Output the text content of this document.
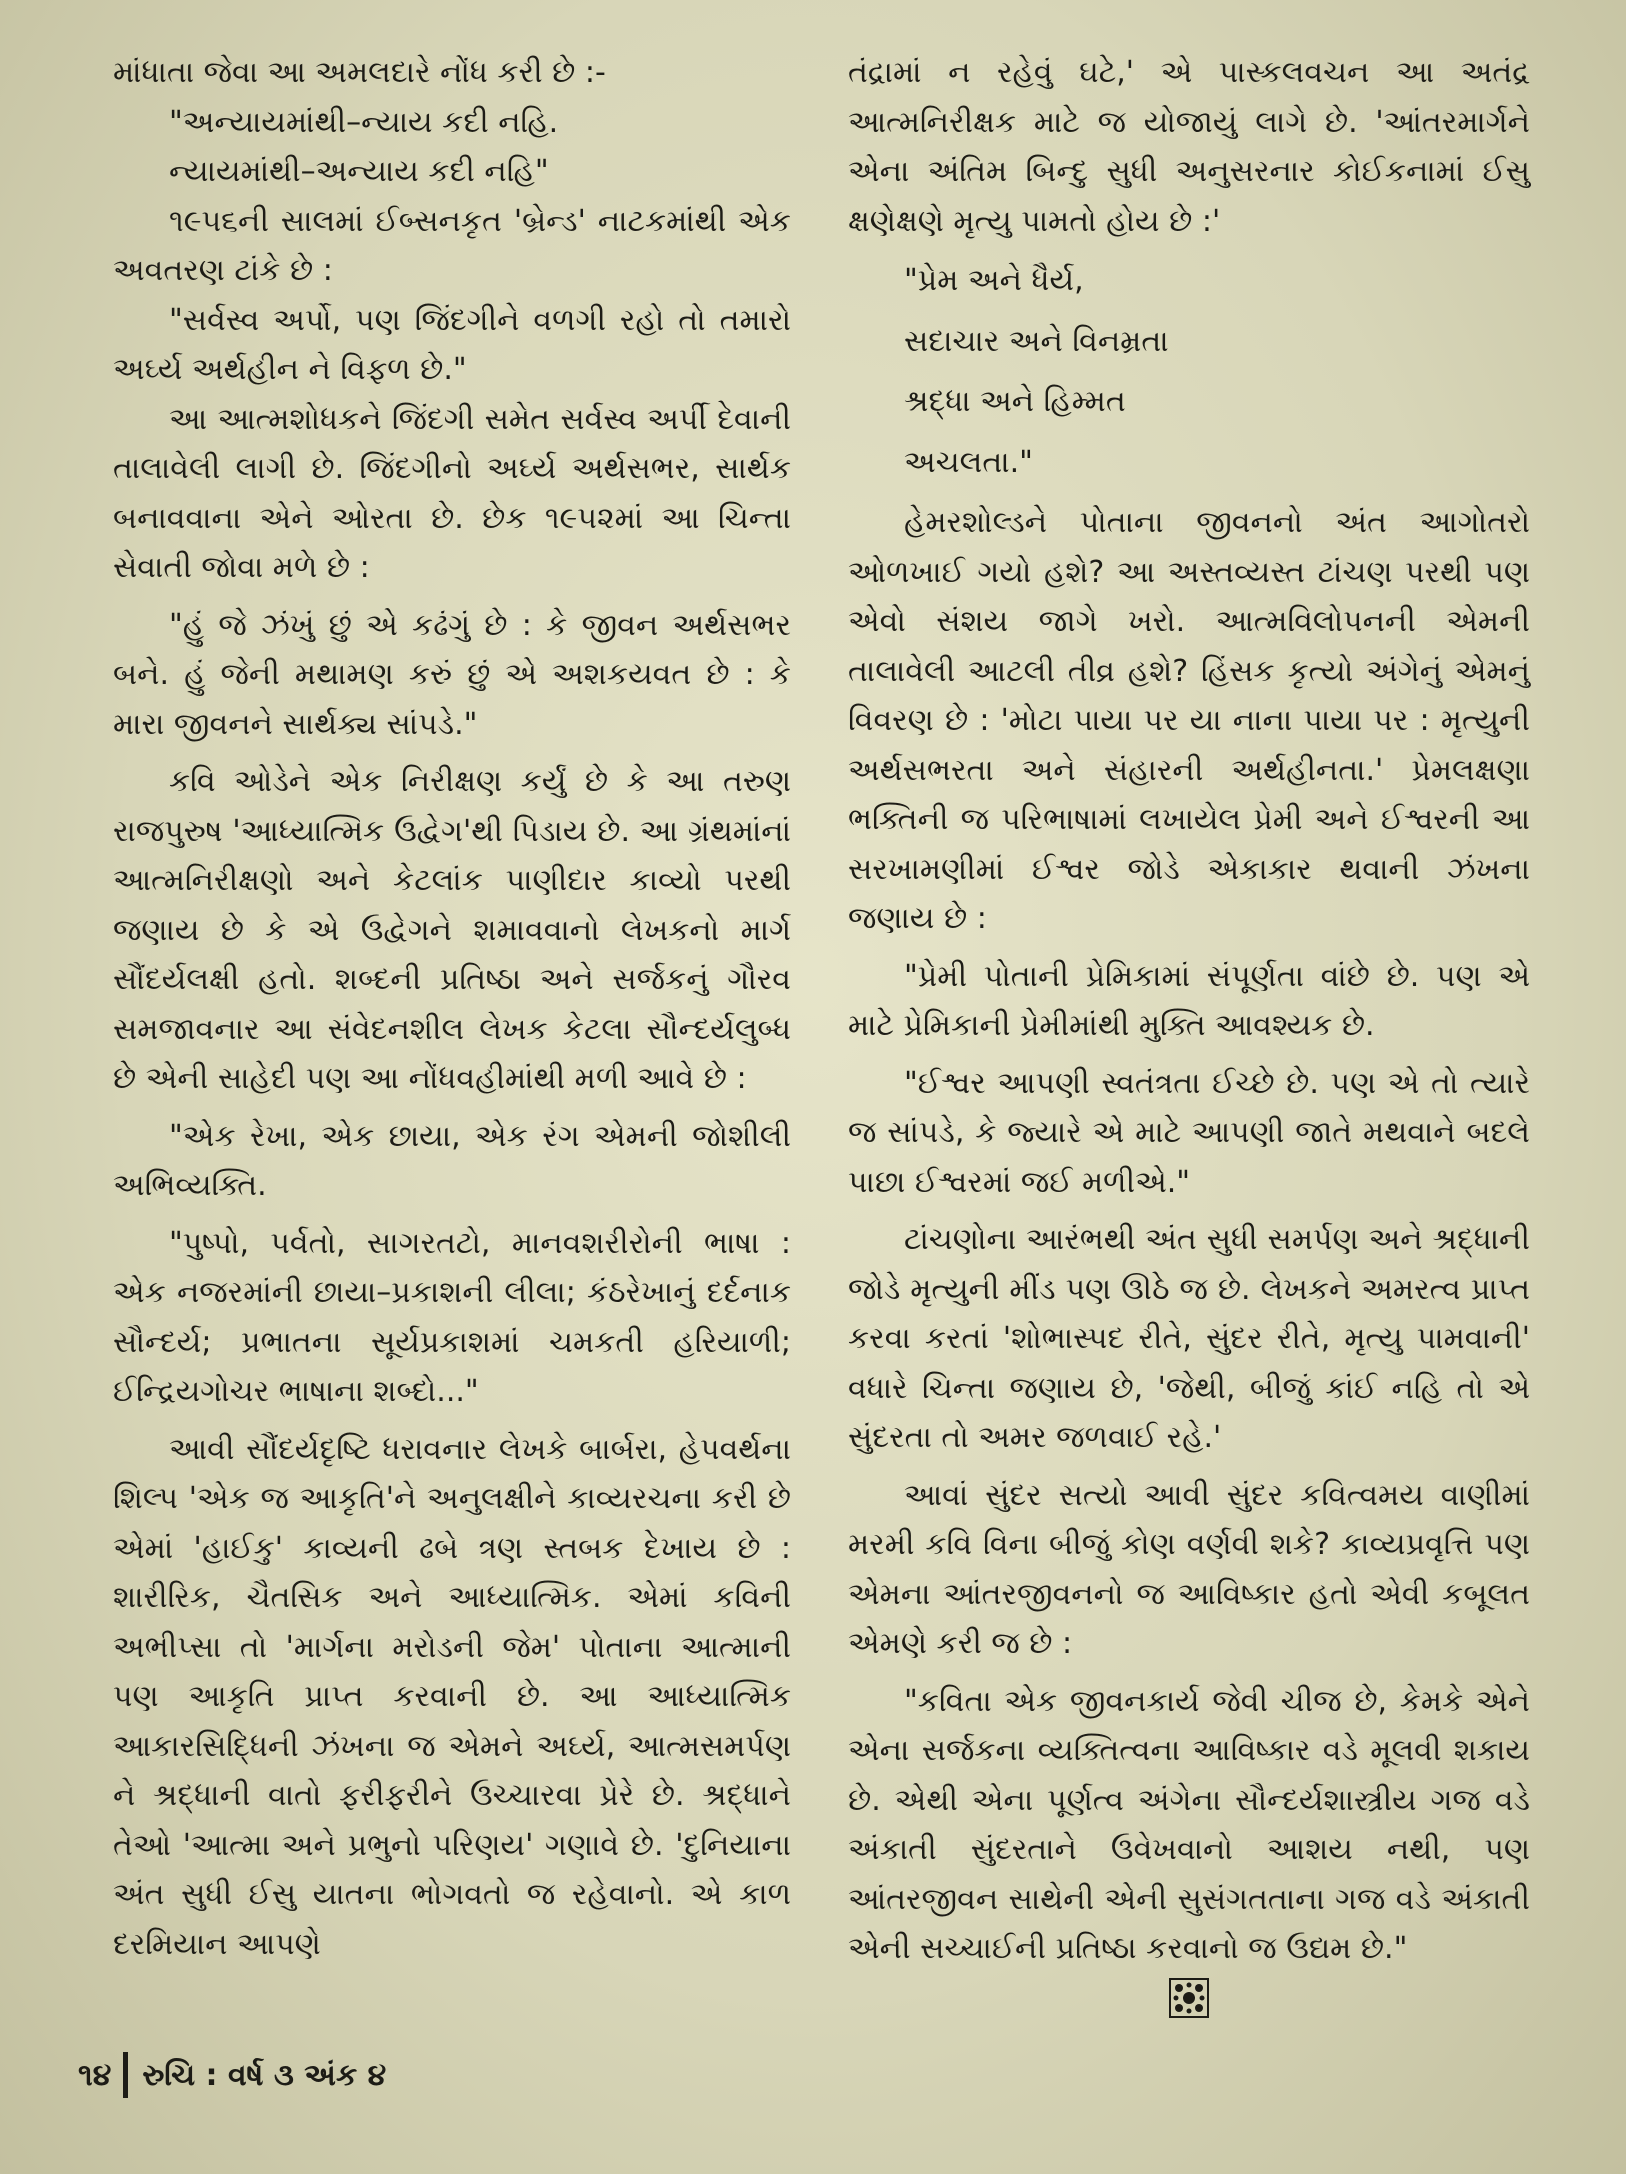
માંધાતા જેવા આ અમલદારે નોંધ કરી છે :-

"અન્યાયમાંથી–ન્યાય કદી નહિ.

ન્યાયમાંથી–અન્યાય કદી નહિ"

૧૯૫૬ની સાલમાં ઈબ્સનકૃત 'બ્રેન્ડ' નાટકમાંથી એક અવતરણ ટાંકે છે :

"સર્વસ્વ અર્પો, પણ જિંદગીને વળગી રહો તો તમારો અર્ઘ્ય અર્થહીન ને વિફળ છે."

આ આત્મશોધકને જિંદગી સમેત સર્વસ્વ અર્પી દેવાની તાલાવેલી લાગી છે. જિંદગીનો અર્ઘ્ય અર્થસભર, સાર્થક બનાવવાના એને ઓરતા છે. છેક ૧૯૫૨માં આ ચિન્તા સેવાતી જોવા મળે છે :

"હું જે ઝંખું છું એ કઢંગું છે : કે જીવન અર્થસભર બને. હું જેની મથામણ કરું છું એ અશકયવત છે : કે મારા જીવનને સાર્થક્ય સાંપડે."

કવિ ઓડેને એક નિરીક્ષણ કર્યું છે કે આ તરુણ રાજપુરુષ 'આધ્યાત્મિક ઉદ્વેગ'થી પિડાય છે. આ ગ્રંથમાંનાં આત્મનિરીક્ષણો અને કેટલાંક પાણીદાર કાવ્યો પરથી જણાય છે કે એ ઉદ્વેગને શમાવવાનો લેખકનો માર્ગ સૌંદર્યલક્ષી હતો. શબ્દની પ્રતિષ્ઠા અને સર્જકનું ગૌરવ સમજાવનાર આ સંવેદનશીલ લેખક કેટલા સૌન્દર્યલુબ્ધ છે એની સાહેદી પણ આ નોંધવહીમાંથી મળી આવે છે :

"એક રેખા, એક છાયા, એક રંગ એમની જોશીલી અભિવ્યક્તિ.

"પુષ્પો, પર્વતો, સાગરતટો, માનવશરીરોની ભાષા : એક નજરમાંની છાયા–પ્રકાશની લીલા; કંઠરેખાનું દર્દનાક સૌન્દર્ય; પ્રભાતના સૂર્યપ્રકાશમાં ચમકતી હરિયાળી; ઈન્દ્રિયગોચર ભાષાના શબ્દો..."

આવી સૌંદર્યદૃષ્ટિ ધરાવનાર લેખકે બાર્બરા, હેપવર્થના શિલ્પ 'એક જ આકૃતિ'ને અનુલક્ષીને કાવ્યરચના કરી છે એમાં 'હાઈકુ' કાવ્યની ઢબે ત્રણ સ્તબક દેખાય છે : શારીરિક, ચૈતસિક અને આધ્યાત્મિક. એમાં કવિની અભીપ્સા તો 'માર્ગના મરોડની જેમ' પોતાના આત્માની પણ આકૃતિ પ્રાપ્ત કરવાની છે. આ આધ્યાત્મિક આકારસિદ્ધિની ઝંખના જ એમને અર્ઘ્ય, આત્મસમર્પણ ને શ્રદ્ધાની વાતો ફરીફરીને ઉચ્ચારવા પ્રેરે છે. શ્રદ્ધાને તેઓ 'આત્મા અને પ્રભુનો પરિણય' ગણાવે છે. 'દુનિયાના અંત સુધી ઈસુ યાતના ભોગવતો જ રહેવાનો. એ કાળ દરમિયાન આપણે

તંદ્રામાં ન રહેવું ઘટે,' એ પાસ્કલવચન આ અતંદ્ર આત્મનિરીક્ષક માટે જ યોજાયું લાગે છે. 'આંતરમાર્ગને એના અંતિમ બિન્દુ સુધી અનુસરનાર કોઈકનામાં ઈસુ ક્ષણેક્ષણે મૃત્યુ પામતો હોય છે :'

"પ્રેમ અને ધૈર્ય,

સદાચાર અને વિનમ્રતા

શ્રદ્ધા અને હિમ્મત

અચલતા."

હેમરશોલ્ડને પોતાના જીવનનો અંત આગોતરો ઓળખાઈ ગયો હશે? આ અસ્તવ્યસ્ત ટાંચણ પરથી પણ એવો સંશય જાગે ખરો. આત્મવિલોપનની એમની તાલાવેલી આટલી તીવ્ર હશે? હિંસક કૃત્યો અંગેનું એમનું વિવરણ છે : 'મોટા પાયા પર યા નાના પાયા પર : મૃત્યુની અર્થસભરતા અને સંહારની અર્થહીનતા.' પ્રેમલક્ષણા ભક્તિની જ પરિભાષામાં લખાયેલ પ્રેમી અને ઈશ્વરની આ સરખામણીમાં ઈશ્વર જોડે એકાકાર થવાની ઝંખના જણાય છે :

"પ્રેમી પોતાની પ્રેમિકામાં સંપૂર્ણતા વાંછે છે. પણ એ માટે પ્રેમિકાની પ્રેમીમાંથી મુક્તિ આવશ્યક છે.

"ઈશ્વર આપણી સ્વતંત્રતા ઈચ્છે છે. પણ એ તો ત્યારે જ સાંપડે, કે જ્યારે એ માટે આપણી જાતે મથવાને બદલે પાછા ઈશ્વરમાં જઈ મળીએ."

ટાંચણોના આરંભથી અંત સુધી સમર્પણ અને શ્રદ્ધાની જોડે મૃત્યુની મીંડ પણ ઊઠે જ છે. લેખકને અમરત્વ પ્રાપ્ત કરવા કરતાં 'શોભાસ્પદ રીતે, સુંદર રીતે, મૃત્યુ પામવાની' વધારે ચિન્તા જણાય છે, 'જેથી, બીજું કાંઈ નહિ તો એ સુંદરતા તો અમર જળવાઈ રહે.'

આવાં સુંદર સત્યો આવી સુંદર કવિત્વમય વાણીમાં મરમી કવિ વિના બીજું કોણ વર્ણવી શકે? કાવ્યપ્રવૃત્તિ પણ એમના આંતરજીવનનો જ આવિષ્કાર હતો એવી કબૂલત એમણે કરી જ છે :

"કવિતા એક જીવનકાર્ય જેવી ચીજ છે, કેમકે એને એના સર્જકના વ્યક્તિત્વના આવિષ્કાર વડે મૂલવી શકાય છે. એથી એના પૂર્ણત્વ અંગેના સૌન્દર્યશાસ્ત્રીય ગજ વડે અંકાતી સુંદરતાને ઉવેખવાનો આશય નથી, પણ આંતરજીવન સાથેની એની સુસંગતતાના ગજ વડે અંકાતી એની સચ્ચાઈની પ્રતિષ્ઠા કરવાનો જ ઉદ્યમ છે."

૧૪ રુચિ : વર્ષ ૩ અંક ૪
